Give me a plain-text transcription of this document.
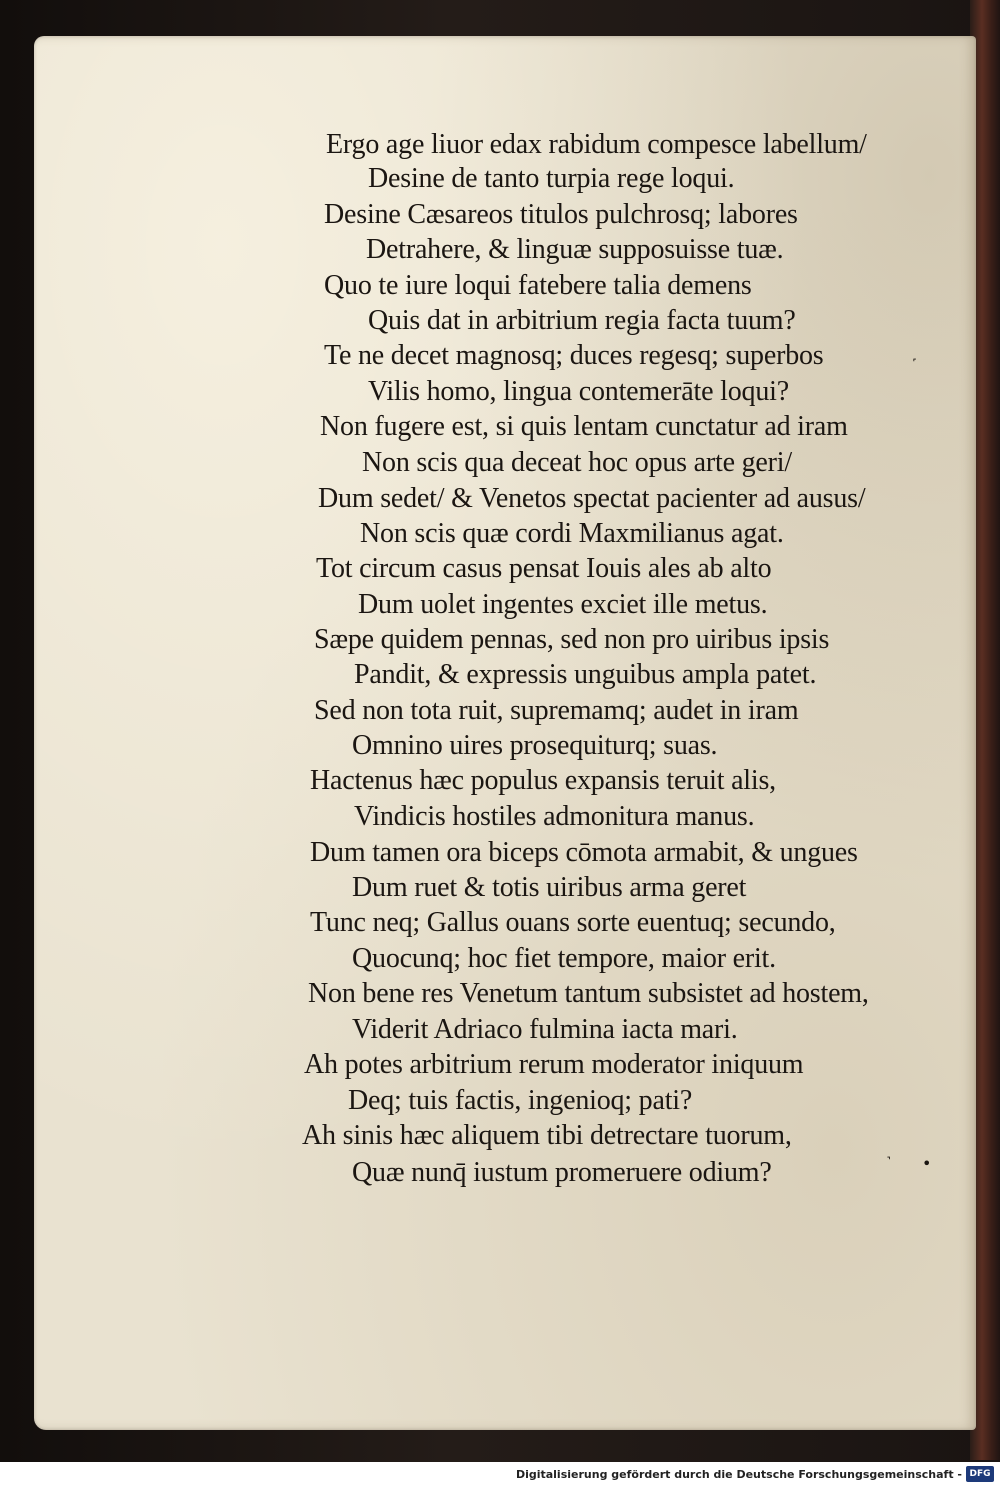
Ergo age liuor edax rabidum compesce labellum/
Desine de tanto turpia rege loqui.
Desine Cæsareos titulos pulchrosq; labores
Detrahere, & linguæ supposuisse tuæ.
Quo te iure loqui fatebere talia demens
Quis dat in arbitrium regia facta tuum?
Te ne decet magnosq; duces regesq; superbos
Vilis homo, lingua contemerāte loqui?
Non fugere est, si quis lentam cunctatur ad iram
Non scis qua deceat hoc opus arte geri/
Dum sedet/ & Venetos spectat pacienter ad ausus/
Non scis quæ cordi Maxmilianus agat.
Tot circum casus pensat Iouis ales ab alto
Dum uolet ingentes exciet ille metus.
Sæpe quidem pennas, sed non pro uiribus ipsis
Pandit, & expressis unguibus ampla patet.
Sed non tota ruit, supremamq; audet in iram
Omnino uires prosequiturq; suas.
Hactenus hæc populus expansis teruit alis,
Vindicis hostiles admonitura manus.
Dum tamen ora biceps cōmota armabit, & ungues
Dum ruet & totis uiribus arma geret
Tunc neq; Gallus ouans sorte euentuq; secundo,
Quocunq; hoc fiet tempore, maior erit.
Non bene res Venetum tantum subsistet ad hostem,
Viderit Adriaco fulmina iacta mari.
Ah potes arbitrium rerum moderator iniquum
Deq; tuis factis, ingenioq; pati?
Ah sinis hæc aliquem tibi detrectare tuorum,
Quæ nunq̄ iustum promeruere odium?
˹
˺ •
Digitalisierung gefördert durch die Deutsche Forschungsgemeinschaft - DFG
